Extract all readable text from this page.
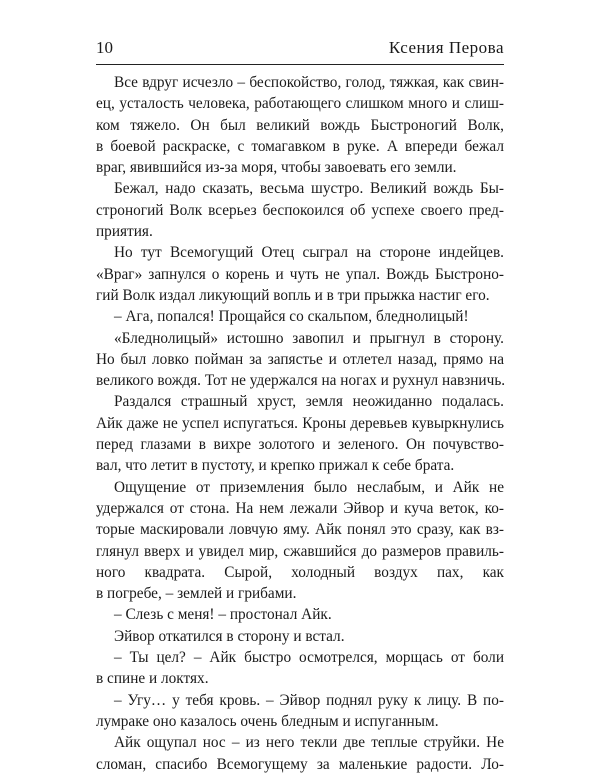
10	Ксения Перова
Все вдруг исчезло – беспокойство, голод, тяжкая, как свин-
ец, усталость человека, работающего слишком много и слиш-
ком тяжело. Он был великий вождь Быстроногий Волк,
в боевой раскраске, с томагавком в руке. А впереди бежал
враг, явившийся из-за моря, чтобы завоевать его земли.
Бежал, надо сказать, весьма шустро. Великий вождь Бы-
строногий Волк всерьез беспокоился об успехе своего пред-
приятия.
Но тут Всемогущий Отец сыграл на стороне индейцев.
«Враг» запнулся о корень и чуть не упал. Вождь Быстроно-
гий Волк издал ликующий вопль и в три прыжка настиг его.
– Ага, попался! Прощайся со скальпом, бледнолицый!
«Бледнолицый» истошно завопил и прыгнул в сторону.
Но был ловко пойман за запястье и отлетел назад, прямо на
великого вождя. Тот не удержался на ногах и рухнул навзничь.
Раздался страшный хруст, земля неожиданно подалась.
Айк даже не успел испугаться. Кроны деревьев кувыркнулись
перед глазами в вихре золотого и зеленого. Он почувство-
вал, что летит в пустоту, и крепко прижал к себе брата.
Ощущение от приземления было неслабым, и Айк не
удержался от стона. На нем лежали Эйвор и куча веток, ко-
торые маскировали ловчую яму. Айк понял это сразу, как вз-
глянул вверх и увидел мир, сжавшийся до размеров правиль-
ного квадрата. Сырой, холодный воздух пах, как
в погребе, – землей и грибами.
– Слезь с меня! – простонал Айк.
Эйвор откатился в сторону и встал.
– Ты цел? – Айк быстро осмотрелся, морщась от боли
в спине и локтях.
– Угу… у тебя кровь. – Эйвор поднял руку к лицу. В по-
лумраке оно казалось очень бледным и испуганным.
Айк ощупал нос – из него текли две теплые струйки. Не
сломан, спасибо Всемогущему за маленькие радости. Ло-
